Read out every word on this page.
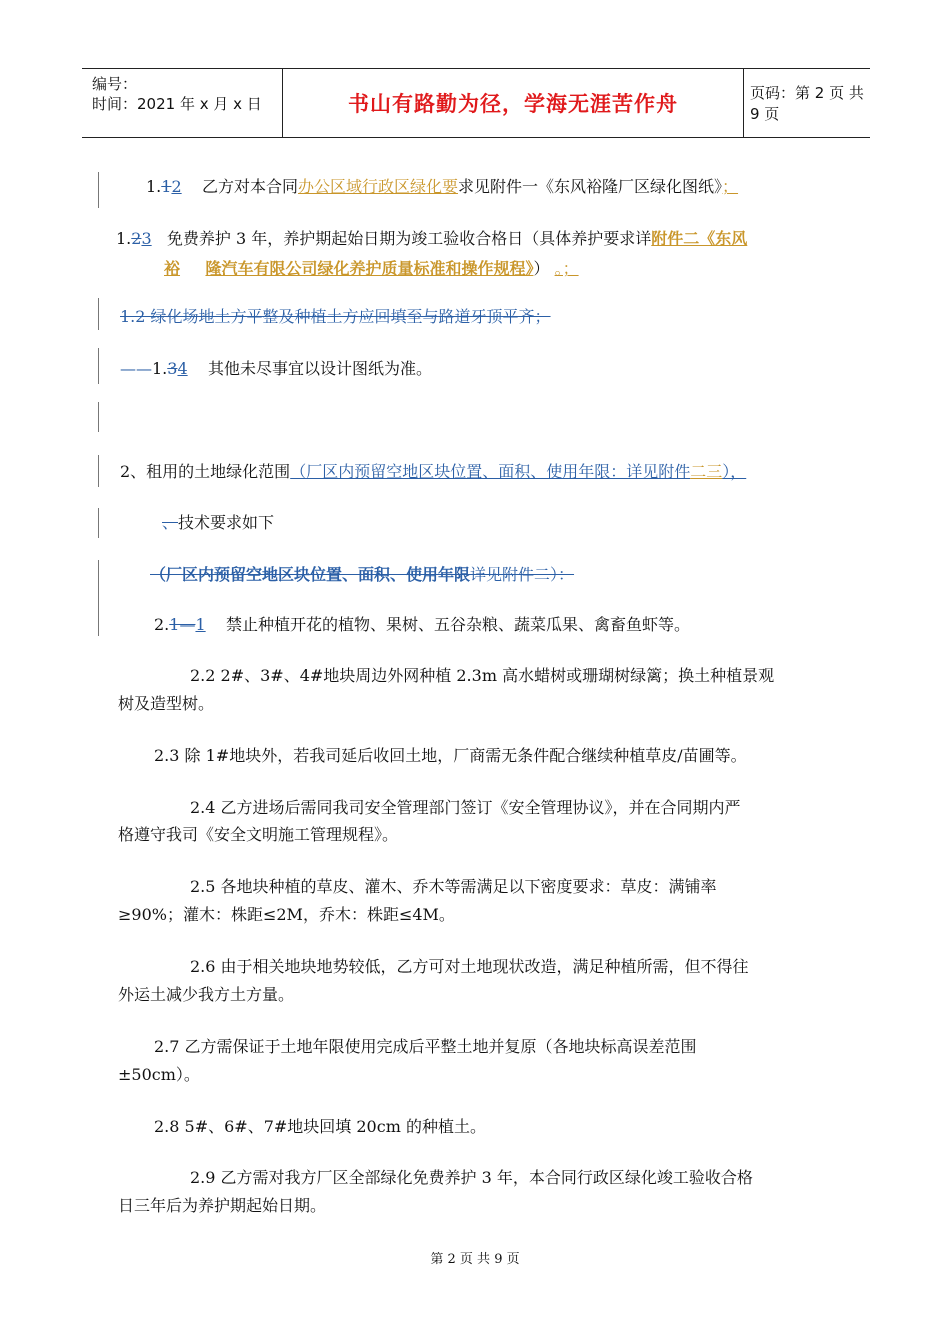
编号：
时间：2021 年 x 月 x 日	书山有路勤为径，学海无涯苦作舟	页码：第 2 页 共 9 页
1.12 乙方对本合同办公区域行政区绿化要求见附件一《东风裕隆厂区绿化图纸》；
1.23 免费养护 3 年，养护期起始日期为竣工验收合格日（具体养护要求详附件二《东风
裕 隆汽车有限公司绿化养护质量标准和操作规程》） 。；
1.2 绿化场地土方平整及种植土方应回填至与路道牙顶平齐；
——1.34 其他未尽事宜以设计图纸为准。
2、租用的土地绿化范围（厂区内预留空地区块位置、面积、使用年限：详见附件二三），
、技术要求如下
（厂区内预留空地区块位置、面积、使用年限详见附件二）：
2.1—1 禁止种植开花的植物、果树、五谷杂粮、蔬菜瓜果、禽畜鱼虾等。
2.2 2#、3#、4#地块周边外网种植 2.3m 高水蜡树或珊瑚树绿篱；换土种植景观
树及造型树。
2.3 除 1#地块外，若我司延后收回土地，厂商需无条件配合继续种植草皮/苗圃等。
2.4 乙方进场后需同我司安全管理部门签订《安全管理协议》，并在合同期内严
格遵守我司《安全文明施工管理规程》。
2.5 各地块种植的草皮、灌木、乔木等需满足以下密度要求：草皮：满铺率
≥90%；灌木：株距≤2M，乔木：株距≤4M。
2.6 由于相关地块地势较低，乙方可对土地现状改造，满足种植所需，但不得往
外运土减少我方土方量。
2.7 乙方需保证于土地年限使用完成后平整土地并复原（各地块标高误差范围
±50cm）。
2.8 5#、6#、7#地块回填 20cm 的种植土。
2.9 乙方需对我方厂区全部绿化免费养护 3 年，本合同行政区绿化竣工验收合格
日三年后为养护期起始日期。
第 2 页 共 9 页
